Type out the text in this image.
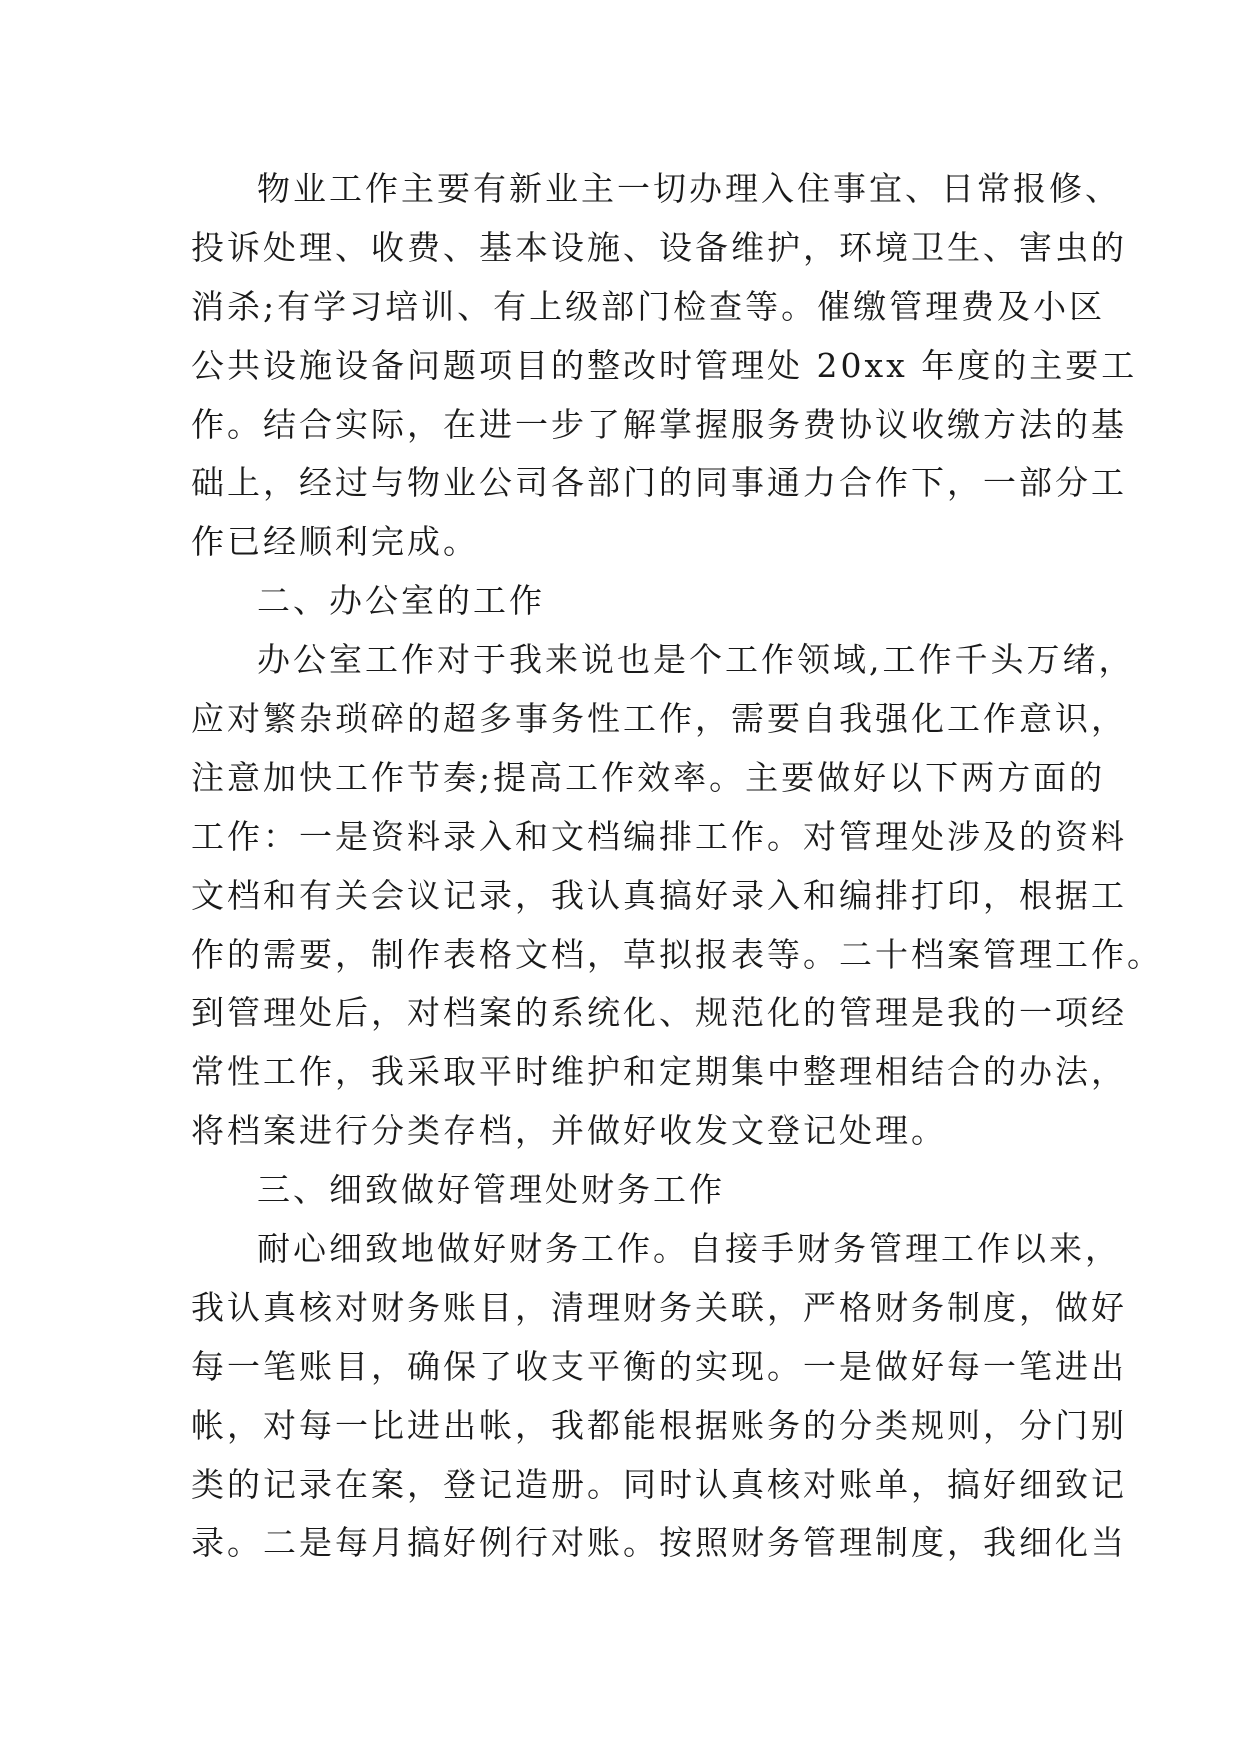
物业工作主要有新业主一切办理入住事宜、日常报修、
投诉处理、收费、基本设施、设备维护，环境卫生、害虫的
消杀;有学习培训、有上级部门检查等。催缴管理费及小区
公共设施设备问题项目的整改时管理处 20xx 年度的主要工
作。结合实际，在进一步了解掌握服务费协议收缴方法的基
础上，经过与物业公司各部门的同事通力合作下，一部分工
作已经顺利完成。
二、办公室的工作
办公室工作对于我来说也是个工作领域,工作千头万绪，
应对繁杂琐碎的超多事务性工作，需要自我强化工作意识，
注意加快工作节奏;提高工作效率。主要做好以下两方面的
工作：一是资料录入和文档编排工作。对管理处涉及的资料
文档和有关会议记录，我认真搞好录入和编排打印，根据工
作的需要，制作表格文档，草拟报表等。二十档案管理工作。
到管理处后，对档案的系统化、规范化的管理是我的一项经
常性工作，我采取平时维护和定期集中整理相结合的办法，
将档案进行分类存档，并做好收发文登记处理。
三、细致做好管理处财务工作
耐心细致地做好财务工作。自接手财务管理工作以来，
我认真核对财务账目，清理财务关联，严格财务制度，做好
每一笔账目，确保了收支平衡的实现。一是做好每一笔进出
帐，对每一比进出帐，我都能根据账务的分类规则，分门别
类的记录在案，登记造册。同时认真核对账单，搞好细致记
录。二是每月搞好例行对账。按照财务管理制度，我细化当
